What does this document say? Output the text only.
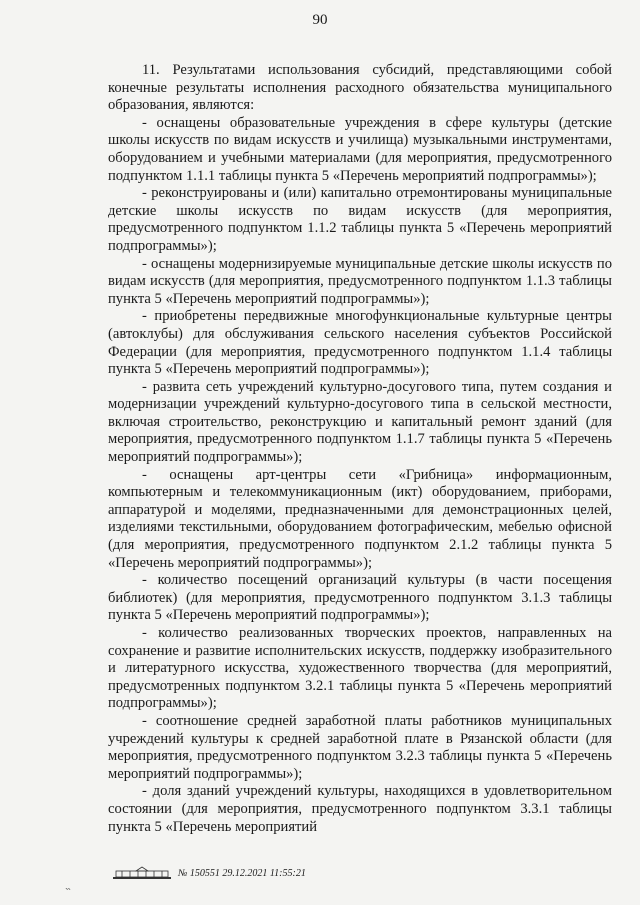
90

11. Результатами использования субсидий, представляющими собой конечные результаты исполнения расходного обязательства муниципального образования, являются:

- оснащены образовательные учреждения в сфере культуры (детские школы искусств по видам искусств и училища) музыкальными инструментами, оборудованием и учебными материалами (для мероприятия, предусмотренного подпунктом 1.1.1 таблицы пункта 5 «Перечень мероприятий подпрограммы»);

- реконструированы и (или) капитально отремонтированы муниципальные детские школы искусств по видам искусств (для мероприятия, предусмотренного подпунктом 1.1.2 таблицы пункта 5 «Перечень мероприятий подпрограммы»);

- оснащены модернизируемые муниципальные детские школы искусств по видам искусств (для мероприятия, предусмотренного подпунктом 1.1.3 таблицы пункта 5 «Перечень мероприятий подпрограммы»);

- приобретены передвижные многофункциональные культурные центры (автоклубы) для обслуживания сельского населения субъектов Российской Федерации (для мероприятия, предусмотренного подпунктом 1.1.4 таблицы пункта 5 «Перечень мероприятий подпрограммы»);

- развита сеть учреждений культурно-досугового типа, путем создания и модернизации учреждений культурно-досугового типа в сельской местности, включая строительство, реконструкцию и капитальный ремонт зданий (для мероприятия, предусмотренного подпунктом 1.1.7 таблицы пункта 5 «Перечень мероприятий подпрограммы»);

- оснащены арт-центры сети «Грибница» информационным, компьютерным и телекоммуникационным (икт) оборудованием, приборами, аппаратурой и моделями, предназначенными для демонстрационных целей, изделиями текстильными, оборудованием фотографическим, мебелью офисной (для мероприятия, предусмотренного подпунктом 2.1.2 таблицы пункта 5 «Перечень мероприятий подпрограммы»);

- количество посещений организаций культуры (в части посещения библиотек) (для мероприятия, предусмотренного подпунктом 3.1.3 таблицы пункта 5 «Перечень мероприятий подпрограммы»);

- количество реализованных творческих проектов, направленных на сохранение и развитие исполнительских искусств, поддержку изобразительного и литературного искусства, художественного творчества (для мероприятий, предусмотренных подпунктом 3.2.1 таблицы пункта 5 «Перечень мероприятий подпрограммы»);

- соотношение средней заработной платы работников муниципальных учреждений культуры к средней заработной плате в Рязанской области (для мероприятия, предусмотренного подпунктом 3.2.3 таблицы пункта 5 «Перечень мероприятий подпрограммы»);

- доля зданий учреждений культуры, находящихся в удовлетворительном состоянии (для мероприятия, предусмотренного подпунктом 3.3.1 таблицы пункта 5 «Перечень мероприятий

№ 150551 29.12.2021 11:55:21
˵
